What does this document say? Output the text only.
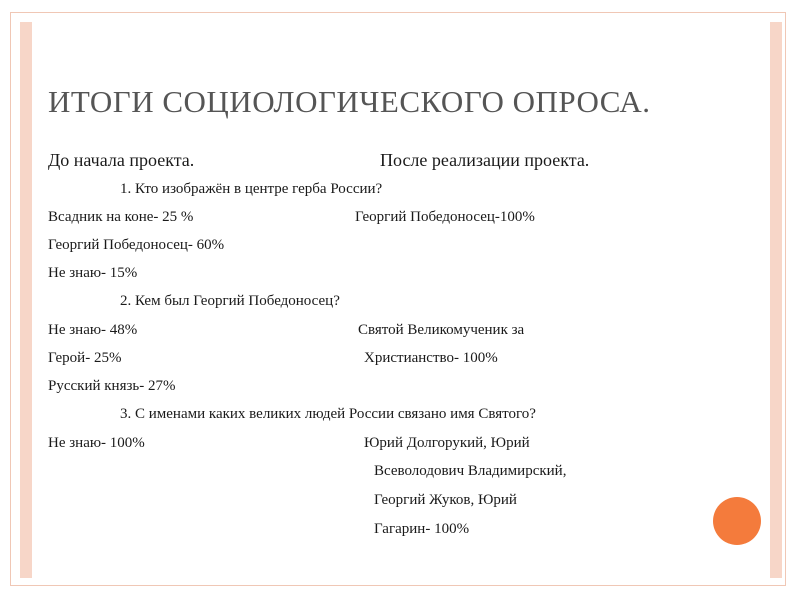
ИТОГИ СОЦИОЛОГИЧЕСКОГО ОПРОСА.
До начала проекта.	После реализации проекта.
1. Кто изображён в центре герба России?
Всадник на коне- 25 %	Георгий Победоносец-100%
Георгий Победоносец- 60%
Не знаю- 15%
2. Кем был Георгий Победоносец?
Не знаю- 48%	Святой Великомученик за
Герой- 25%	Христианство- 100%
Русский князь- 27%
3. С именами каких великих людей России связано имя Святого?
Не знаю- 100%	Юрий Долгорукий, Юрий
Всеволодович Владимирский,
Георгий Жуков, Юрий
Гагарин- 100%
